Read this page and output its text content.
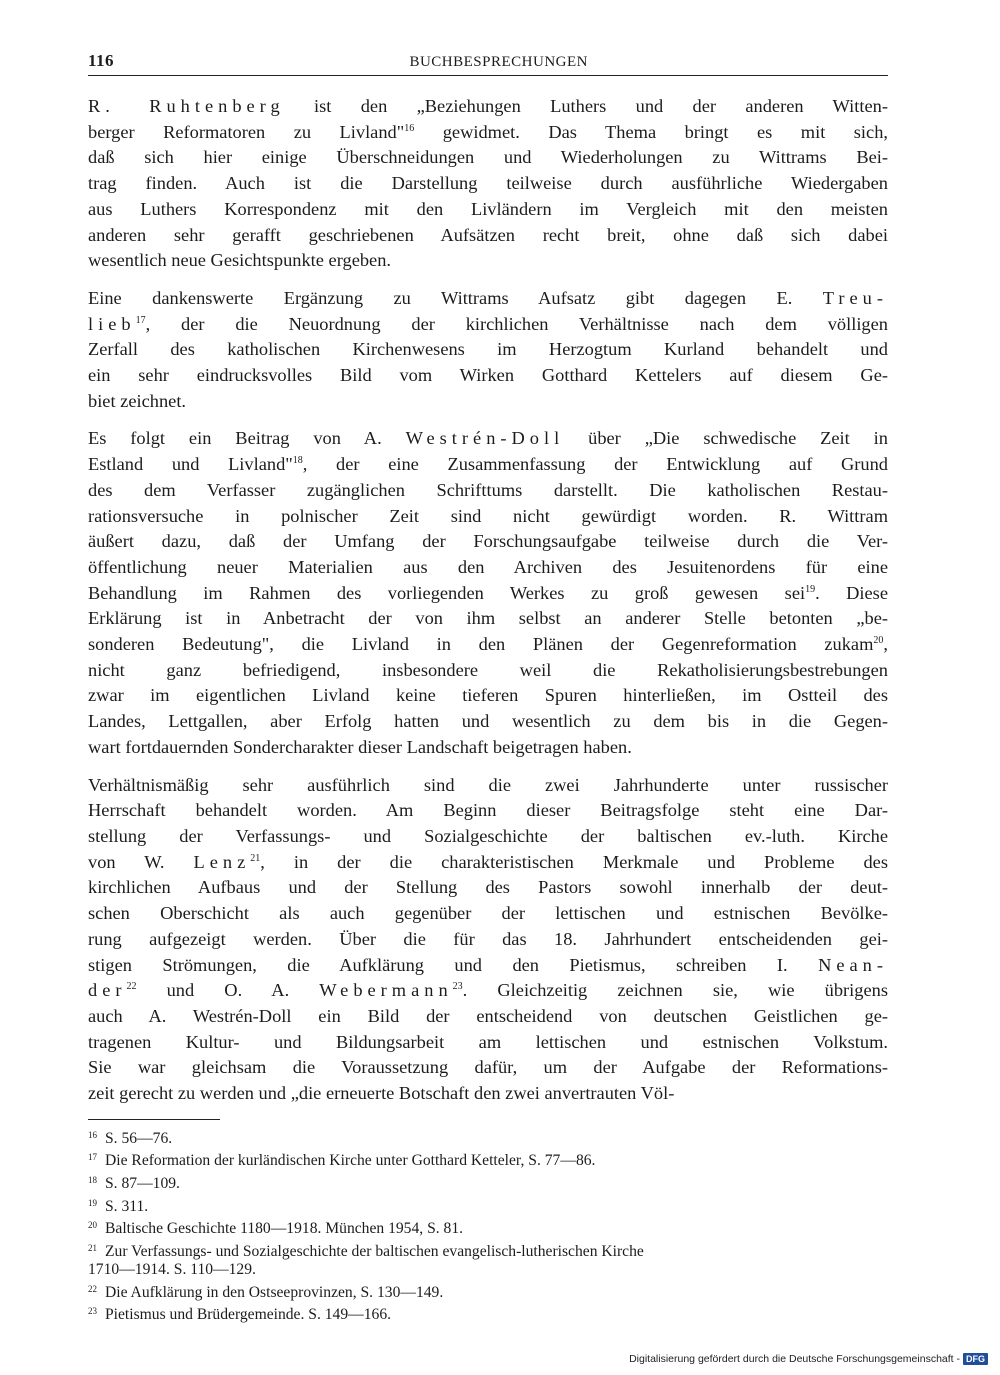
116	BUCHBESPRECHUNGEN

R. Ruhtenberg ist den „Beziehungen Luthers und der anderen Witten-
berger Reformatoren zu Livland"$^{16}$ gewidmet. Das Thema bringt es mit sich,
daß sich hier einige Überschneidungen und Wiederholungen zu Wittrams Bei-
trag finden. Auch ist die Darstellung teilweise durch ausführliche Wiedergaben
aus Luthers Korrespondenz mit den Livländern im Vergleich mit den meisten
anderen sehr gerafft geschriebenen Aufsätzen recht breit, ohne daß sich dabei
wesentlich neue Gesichtspunkte ergeben.

Eine dankenswerte Ergänzung zu Wittrams Aufsatz gibt dagegen E. Treu-
lieb$^{17}$, der die Neuordnung der kirchlichen Verhältnisse nach dem völligen
Zerfall des katholischen Kirchenwesens im Herzogtum Kurland behandelt und
ein sehr eindrucksvolles Bild vom Wirken Gotthard Kettelers auf diesem Ge-
biet zeichnet.

Es folgt ein Beitrag von A. Westrén-Doll über „Die schwedische Zeit in
Estland und Livland"$^{18}$, der eine Zusammenfassung der Entwicklung auf Grund
des dem Verfasser zugänglichen Schrifttums darstellt. Die katholischen Restau-
rationsversuche in polnischer Zeit sind nicht gewürdigt worden. R. Wittram
äußert dazu, daß der Umfang der Forschungsaufgabe teilweise durch die Ver-
öffentlichung neuer Materialien aus den Archiven des Jesuitenordens für eine
Behandlung im Rahmen des vorliegenden Werkes zu groß gewesen sei$^{19}$. Diese
Erklärung ist in Anbetracht der von ihm selbst an anderer Stelle betonten „be-
sonderen Bedeutung", die Livland in den Plänen der Gegenreformation zukam$^{20}$,
nicht ganz befriedigend, insbesondere weil die Rekatholisierungsbestrebungen
zwar im eigentlichen Livland keine tieferen Spuren hinterließen, im Ostteil des
Landes, Lettgallen, aber Erfolg hatten und wesentlich zu dem bis in die Gegen-
wart fortdauernden Sondercharakter dieser Landschaft beigetragen haben.

Verhältnismäßig sehr ausführlich sind die zwei Jahrhunderte unter russischer
Herrschaft behandelt worden. Am Beginn dieser Beitragsfolge steht eine Dar-
stellung der Verfassungs- und Sozialgeschichte der baltischen ev.-luth. Kirche
von W. Lenz$^{21}$, in der die charakteristischen Merkmale und Probleme des
kirchlichen Aufbaus und der Stellung des Pastors sowohl innerhalb der deut-
schen Oberschicht als auch gegenüber der lettischen und estnischen Bevölke-
rung aufgezeigt werden. Über die für das 18. Jahrhundert entscheidenden gei-
stigen Strömungen, die Aufklärung und den Pietismus, schreiben I. Nean-
der$^{22}$ und O. A. Webermann$^{23}$. Gleichzeitig zeichnen sie, wie übrigens
auch A. Westrén-Doll ein Bild der entscheidend von deutschen Geistlichen ge-
tragenen Kultur- und Bildungsarbeit am lettischen und estnischen Volkstum.
Sie war gleichsam die Voraussetzung dafür, um der Aufgabe der Reformations-
zeit gerecht zu werden und „die erneuerte Botschaft den zwei anvertrauten Völ-

$^{16}$ S. 56—76.
$^{17}$ Die Reformation der kurländischen Kirche unter Gotthard Ketteler, S. 77—86.
$^{18}$ S. 87—109.
$^{19}$ S. 311.
$^{20}$ Baltische Geschichte 1180—1918. München 1954, S. 81.
$^{21}$ Zur Verfassungs- und Sozialgeschichte der baltischen evangelisch-lutherischen Kirche
1710—1914. S. 110—129.
$^{22}$ Die Aufklärung in den Ostseeprovinzen, S. 130—149.
$^{23}$ Pietismus und Brüdergemeinde. S. 149—166.
Digitalisierung gefördert durch die Deutsche Forschungsgemeinschaft - DFG
